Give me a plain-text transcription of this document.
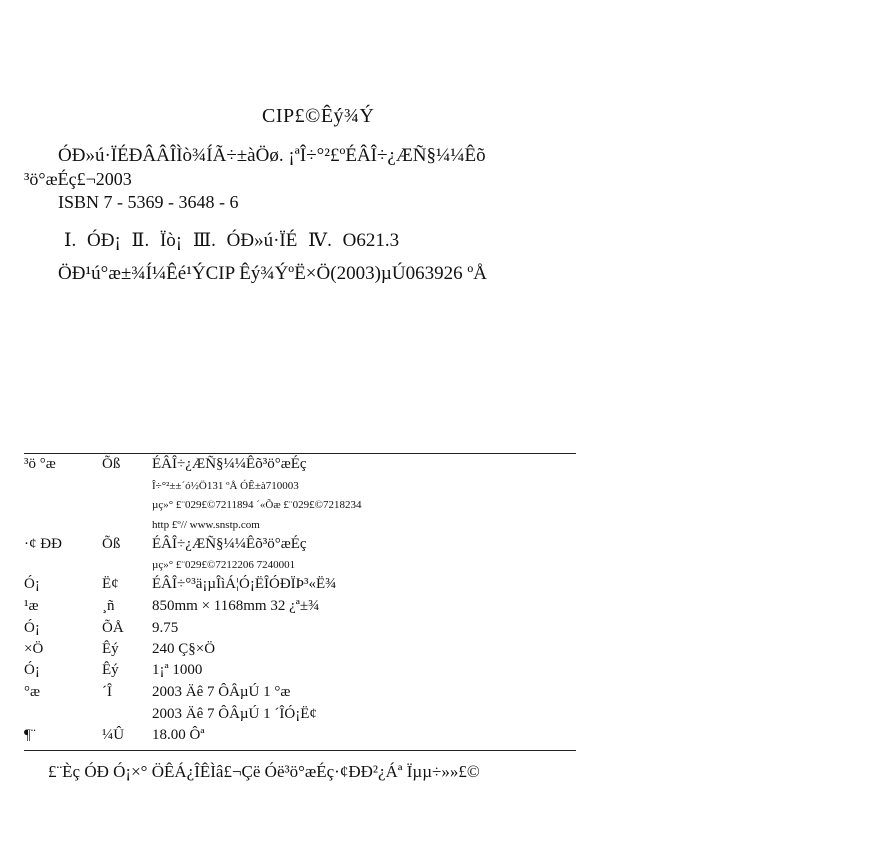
CIP£©Êý¾Ý
ÓÐ»ú·ÏÉÐÂÂÎÌò¾ÍÃ÷±àÖø. ¡ªÎ÷°²£ºÉÂÎ÷¿ÆÑ§¼¼Êõ
³ö°æÉç£¬2003
ISBN 7 - 5369 - 3648 - 6
Ⅰ. ÓÐ¡ Ⅱ. Ïò¡ Ⅲ. ÓÐ»ú·ÏÉ Ⅳ. O621.3
ÖÐ¹ú°æ±¾Í¼Êé¹ÝCIP Êý¾ÝºË×Ö(2003)µÚ063926 ºÅ
³ö °æ	Õß ÉÂÎ÷¿ÆÑ§¼¼Êõ³ö°æÉç
Î÷°²±±´ó½Ö131 ºÅ ÓÊ±à710003
µç»° £¨029£©7211894 ´«Õæ £¨029£©7218234
http £º// www.snstp.com
·¢ ÐÐ	Õß ÉÂÎ÷¿ÆÑ§¼¼Êõ³ö°æÉç
µç»° £¨029£©7212206 7240001
Ó¡	Ë¢ ÉÂÎ÷°³ä¡µÎìÁ¦Ó¡ËÎÓÐÏÞ³«Ë¾
¹æ	¸ñ	850mm × 1168mm 32 ¿ª±¾
Ó¡	ÕÅ 9.75
×Ö	Êý 240 Ç§×Ö
Ó¡	Êý 1¡ª 1000
°æ	´Î	2003 Äê 7 ÔÂµÚ 1 °æ
2003 Äê 7 ÔÂµÚ 1 ´ÎÓ¡Ë¢
¶¨	¼Û 18.00 Ôª
£¨Èç ÓÐ Ó¡×° ÖÊÁ¿ÎÊÌâ£¬Çë Óë³ö°æÉç·¢ÐÐ²¿Áª Ïµµ÷»»£©
